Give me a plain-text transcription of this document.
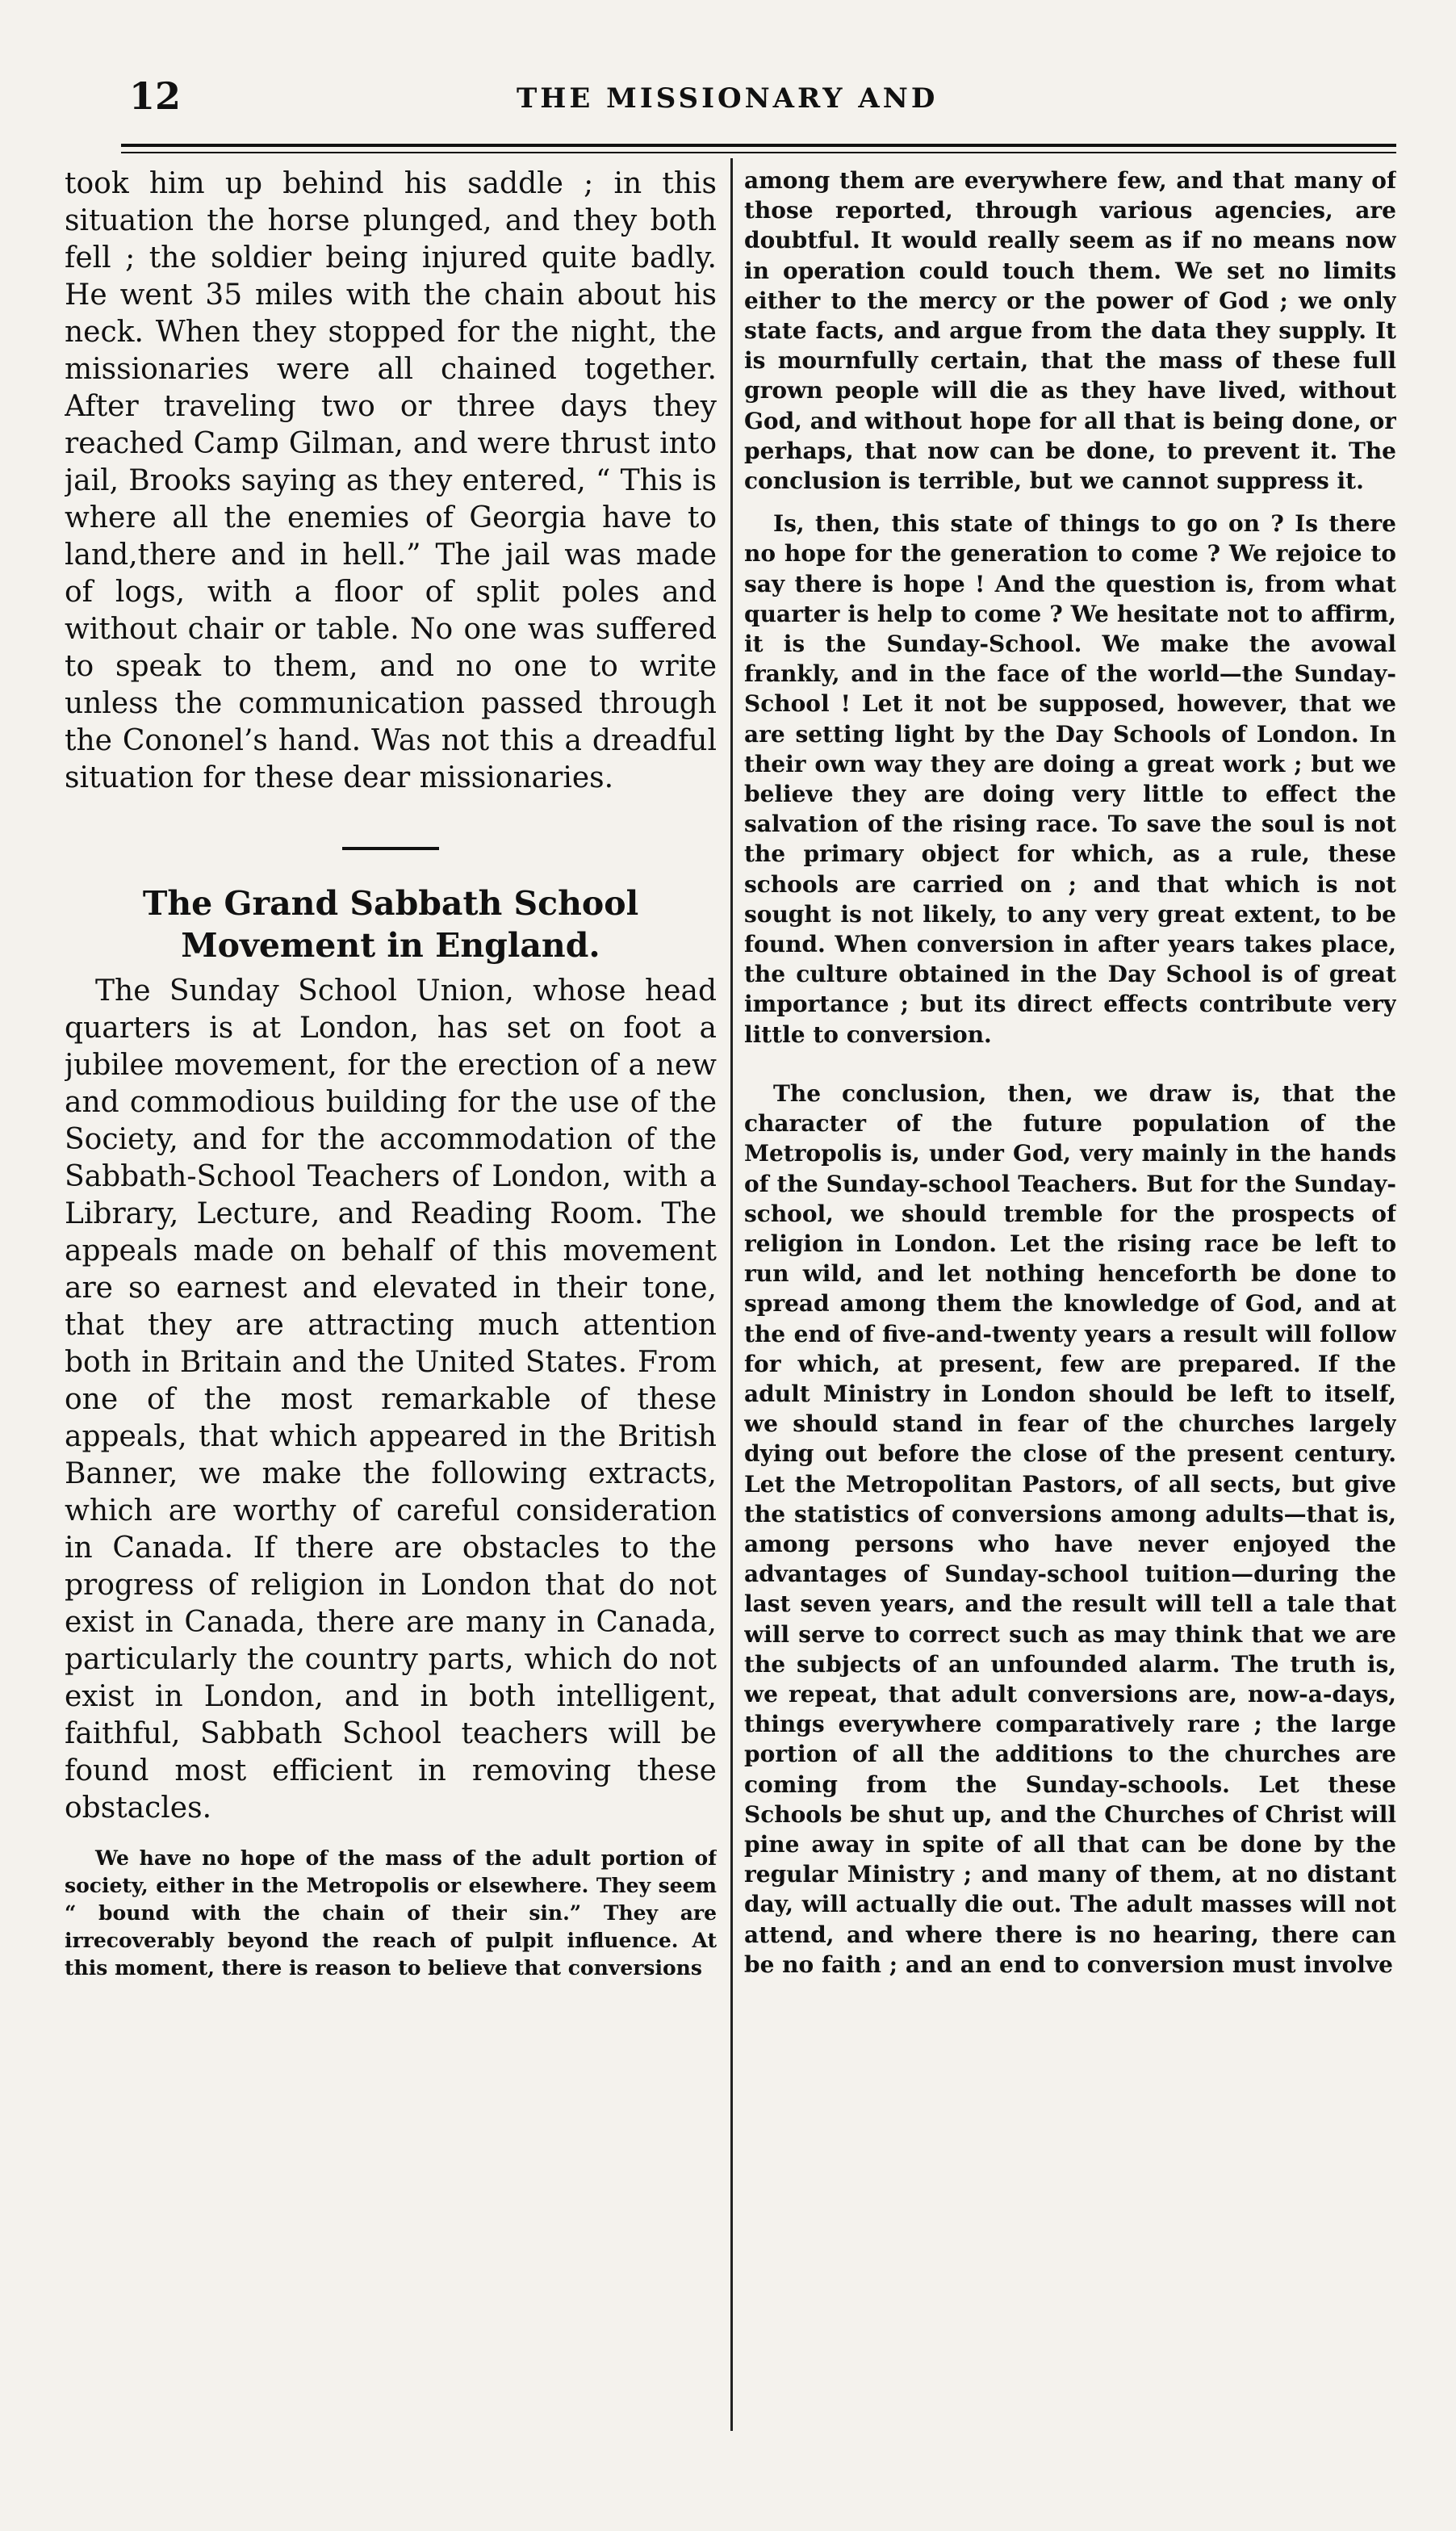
12	THE MISSIONARY AND

took him up behind his saddle ; in this situation the horse plunged, and they both fell ; the soldier being injured quite badly. He went 35 miles with the chain about his neck. When they stopped for the night, the missionaries were all chained together. After traveling two or three days they reached Camp Gilman, and were thrust into jail, Brooks saying as they entered, “ This is where all the enemies of Georgia have to land,there and in hell.” The jail was made of logs, with a floor of split poles and without chair or table. No one was suffered to speak to them, and no one to write unless the communication passed through the Cononel’s hand. Was not this a dreadful situation for these dear missionaries.

The Grand Sabbath School Movement in England.

The Sunday School Union, whose head quarters is at London, has set on foot a jubilee movement, for the erection of a new and commodious building for the use of the Society, and for the accommodation of the Sabbath-School Teachers of London, with a Library, Lecture, and Reading Room. The appeals made on behalf of this movement are so earnest and elevated in their tone, that they are attracting much attention both in Britain and the United States. From one of the most remarkable of these appeals, that which appeared in the British Banner, we make the following extracts, which are worthy of careful consideration in Canada. If there are obstacles to the progress of religion in London that do not exist in Canada, there are many in Canada, particularly the country parts, which do not exist in London, and in both intelligent, faithful, Sabbath School teachers will be found most efficient in removing these obstacles.

We have no hope of the mass of the adult portion of society, either in the Metropolis or elsewhere. They seem “ bound with the chain of their sin.” They are irrecoverably beyond the reach of pulpit influence. At this moment, there is reason to believe that conversions

among them are everywhere few, and that many of those reported, through various agencies, are doubtful. It would really seem as if no means now in operation could touch them. We set no limits either to the mercy or the power of God ; we only state facts, and argue from the data they supply. It is mournfully certain, that the mass of these full grown people will die as they have lived, without God, and without hope for all that is being done, or perhaps, that now can be done, to prevent it. The conclusion is terrible, but we cannot suppress it.

Is, then, this state of things to go on ? Is there no hope for the generation to come ? We rejoice to say there is hope ! And the question is, from what quarter is help to come ? We hesitate not to affirm, it is the Sunday-School. We make the avowal frankly, and in the face of the world—the Sunday-School ! Let it not be supposed, however, that we are setting light by the Day Schools of London. In their own way they are doing a great work ; but we believe they are doing very little to effect the salvation of the rising race. To save the soul is not the primary object for which, as a rule, these schools are carried on ; and that which is not sought is not likely, to any very great extent, to be found. When conversion in after years takes place, the culture obtained in the Day School is of great importance ; but its direct effects contribute very little to conversion.

The conclusion, then, we draw is, that the character of the future population of the Metropolis is, under God, very mainly in the hands of the Sunday-school Teachers. But for the Sunday-school, we should tremble for the prospects of religion in London. Let the rising race be left to run wild, and let nothing henceforth be done to spread among them the knowledge of God, and at the end of five-and-twenty years a result will follow for which, at present, few are prepared. If the adult Ministry in London should be left to itself, we should stand in fear of the churches largely dying out before the close of the present century. Let the Metropolitan Pastors, of all sects, but give the statistics of conversions among adults—that is, among persons who have never enjoyed the advantages of Sunday-school tuition—during the last seven years, and the result will tell a tale that will serve to correct such as may think that we are the subjects of an unfounded alarm. The truth is, we repeat, that adult conversions are, now-a-days, things everywhere comparatively rare ; the large portion of all the additions to the churches are coming from the Sunday-schools. Let these Schools be shut up, and the Churches of Christ will pine away in spite of all that can be done by the regular Ministry ; and many of them, at no distant day, will actually die out. The adult masses will not attend, and where there is no hearing, there can be no faith ; and an end to conversion must involve
